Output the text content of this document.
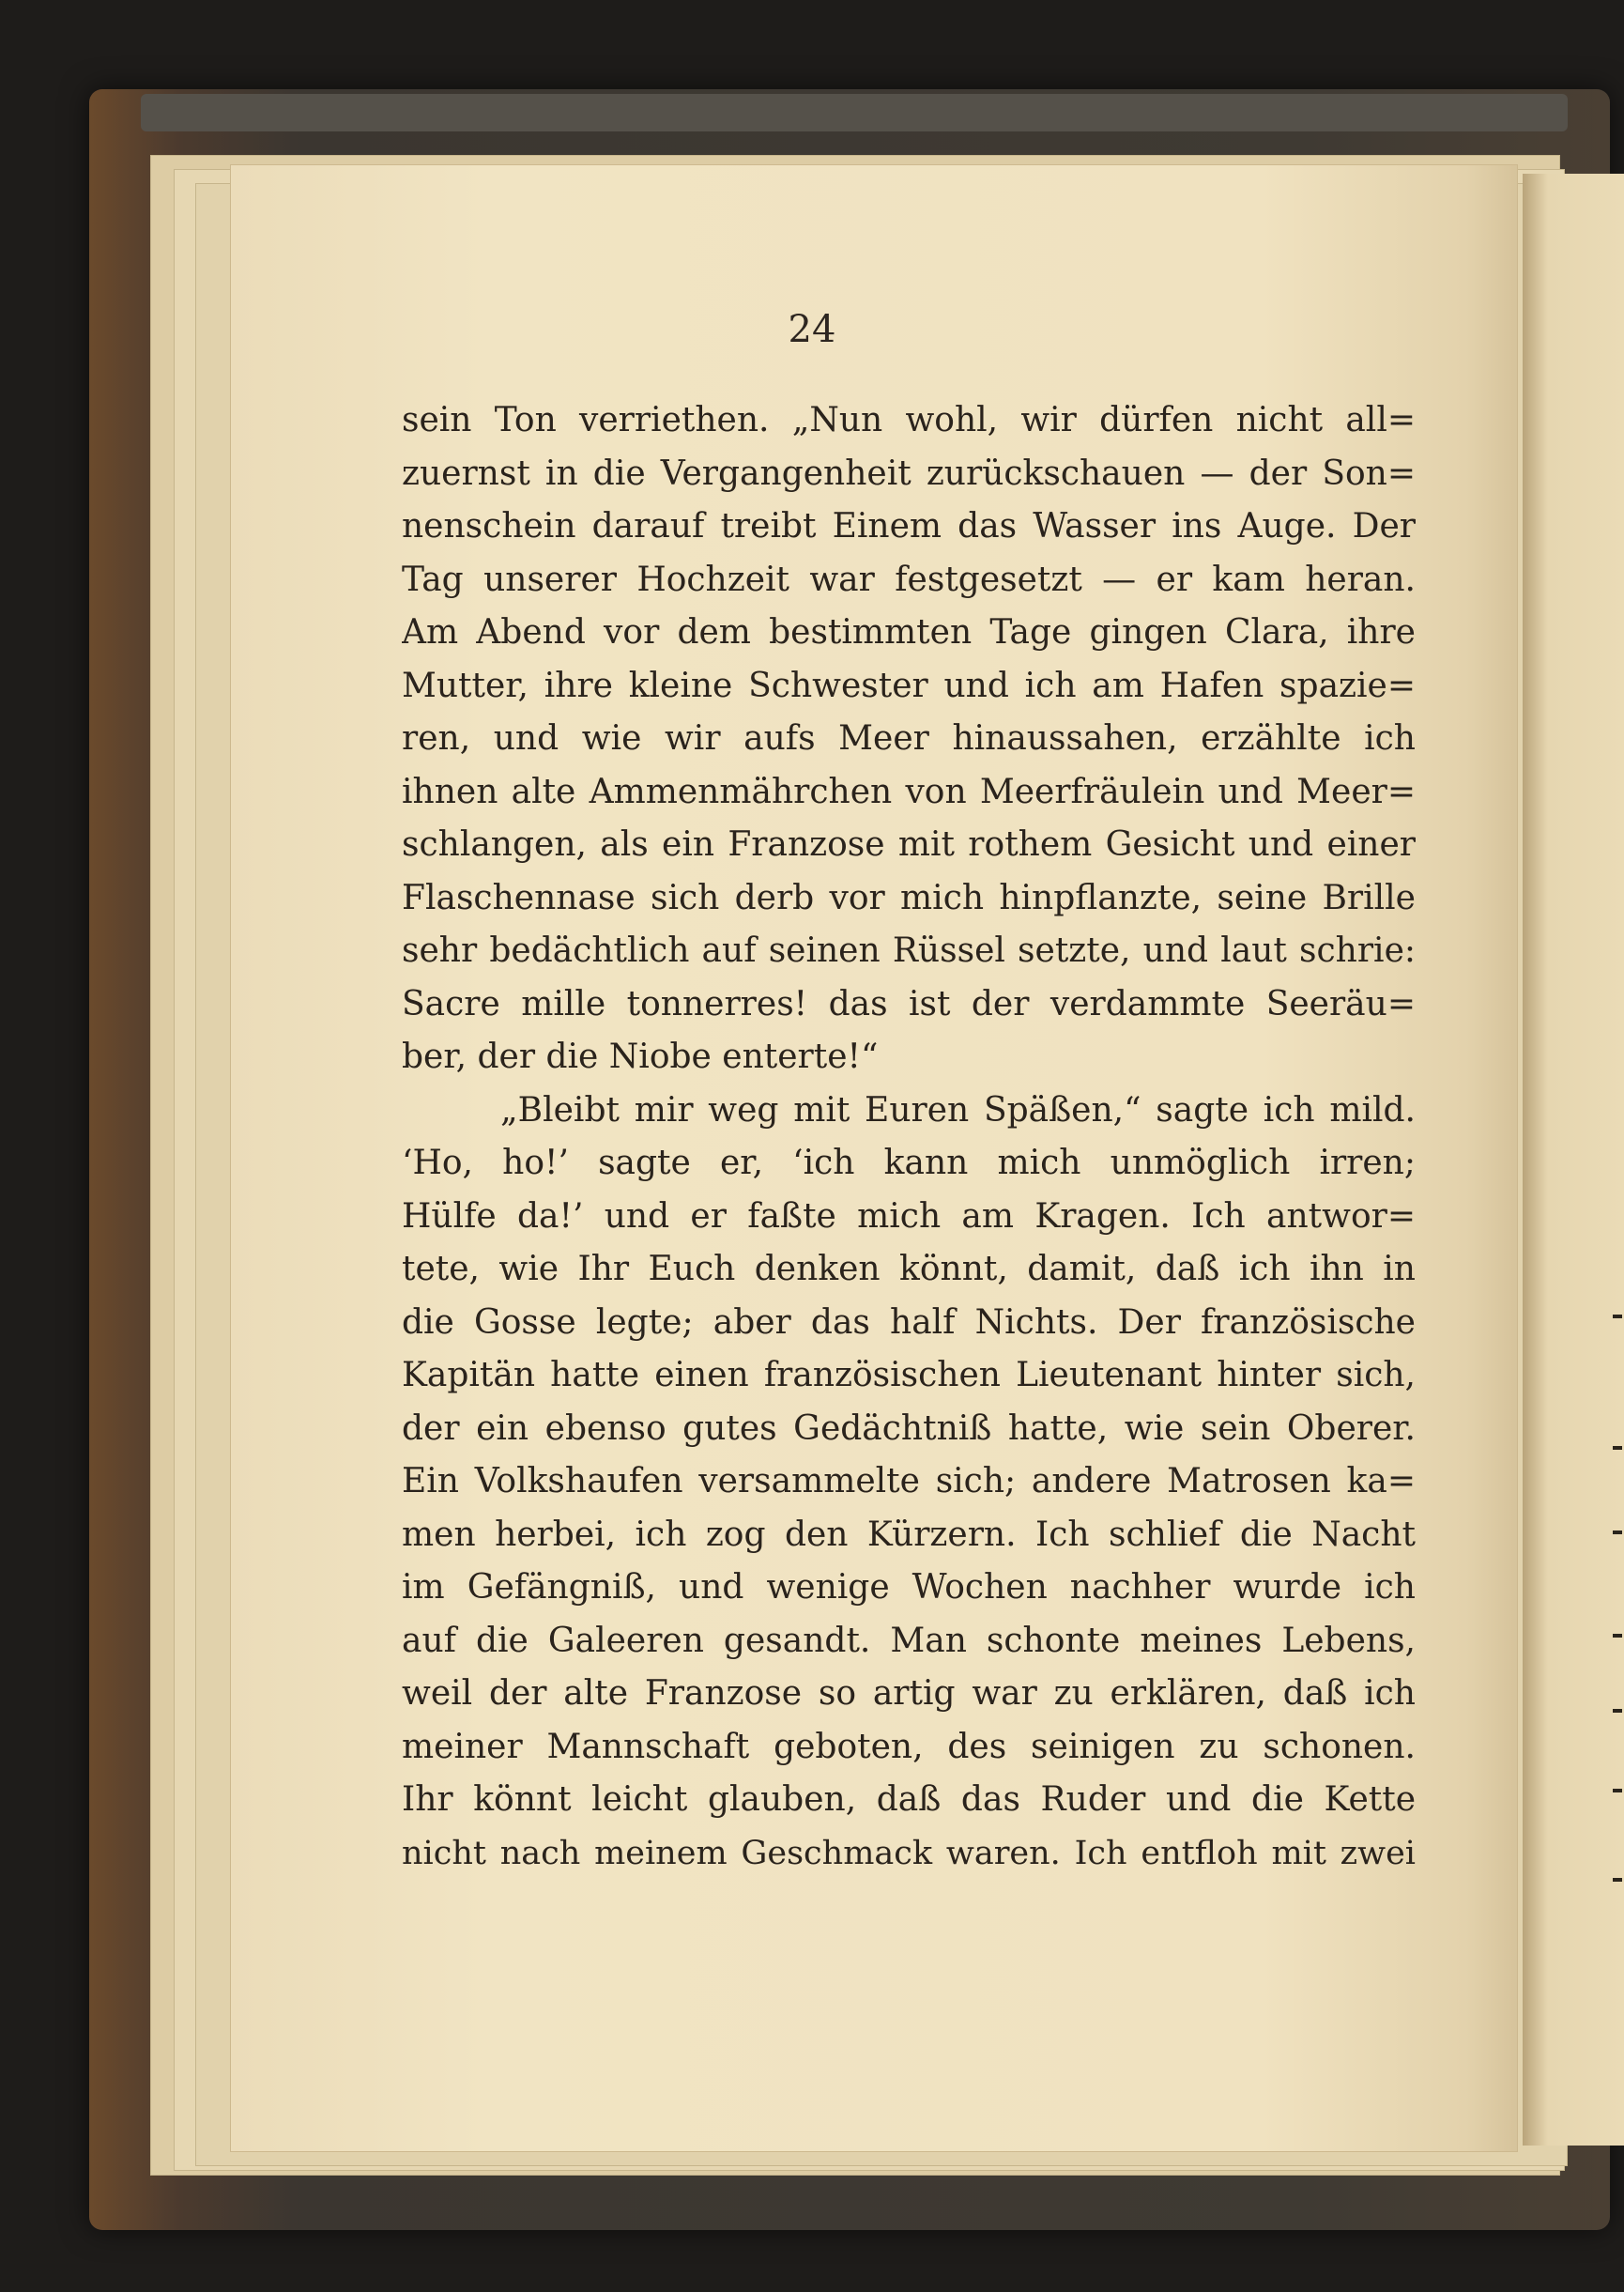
24
sein Ton verriethen. „Nun wohl, wir dürfen nicht all=
zuernst in die Vergangenheit zurückschauen — der Son=
nenschein darauf treibt Einem das Wasser ins Auge. Der
Tag unserer Hochzeit war festgesetzt — er kam heran.
Am Abend vor dem bestimmten Tage gingen Clara, ihre
Mutter, ihre kleine Schwester und ich am Hafen spazie=
ren, und wie wir aufs Meer hinaussahen, erzählte ich
ihnen alte Ammenmährchen von Meerfräulein und Meer=
schlangen, als ein Franzose mit rothem Gesicht und einer
Flaschennase sich derb vor mich hinpflanzte, seine Brille
sehr bedächtlich auf seinen Rüssel setzte, und laut schrie:
Sacre mille tonnerres! das ist der verdammte Seeräu=
ber, der die Niobe enterte!“
„Bleibt mir weg mit Euren Späßen,“ sagte ich mild.
‘Ho, ho!’ sagte er, ‘ich kann mich unmöglich irren;
Hülfe da!’ und er faßte mich am Kragen. Ich antwor=
tete, wie Ihr Euch denken könnt, damit, daß ich ihn in
die Gosse legte; aber das half Nichts. Der französische
Kapitän hatte einen französischen Lieutenant hinter sich,
der ein ebenso gutes Gedächtniß hatte, wie sein Oberer.
Ein Volkshaufen versammelte sich; andere Matrosen ka=
men herbei, ich zog den Kürzern. Ich schlief die Nacht
im Gefängniß, und wenige Wochen nachher wurde ich
auf die Galeeren gesandt. Man schonte meines Lebens,
weil der alte Franzose so artig war zu erklären, daß ich
meiner Mannschaft geboten, des seinigen zu schonen.
Ihr könnt leicht glauben, daß das Ruder und die Kette
nicht nach meinem Geschmack waren. Ich entfloh mit zwei
